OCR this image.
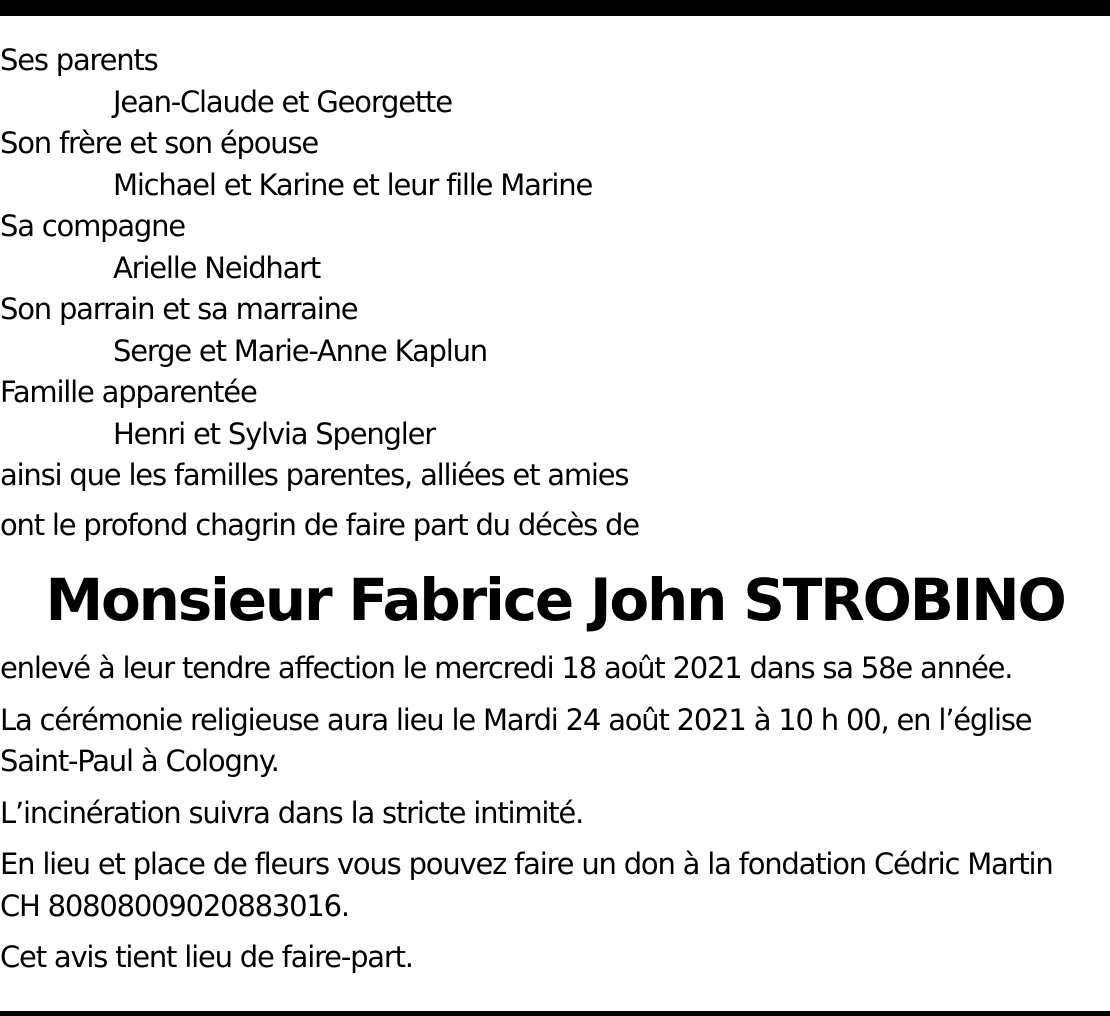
Ses parents

Jean-Claude et Georgette

Son frère et son épouse

Michael et Karine et leur fille Marine

Sa compagne

Arielle Neidhart

Son parrain et sa marraine

Serge et Marie-Anne Kaplun

Famille apparentée

Henri et Sylvia Spengler

ainsi que les familles parentes, alliées et amies

ont le profond chagrin de faire part du décès de

Monsieur Fabrice John STROBINO

enlevé à leur tendre affection le mercredi 18 août 2021 dans sa 58e année.

La cérémonie religieuse aura lieu le Mardi 24 août 2021 à 10 h 00, en l’église
Saint-Paul à Cologny.

L’incinération suivra dans la stricte intimité.

En lieu et place de fleurs vous pouvez faire un don à la fondation Cédric Martin
CH 80808009020883016.

Cet avis tient lieu de faire-part.
